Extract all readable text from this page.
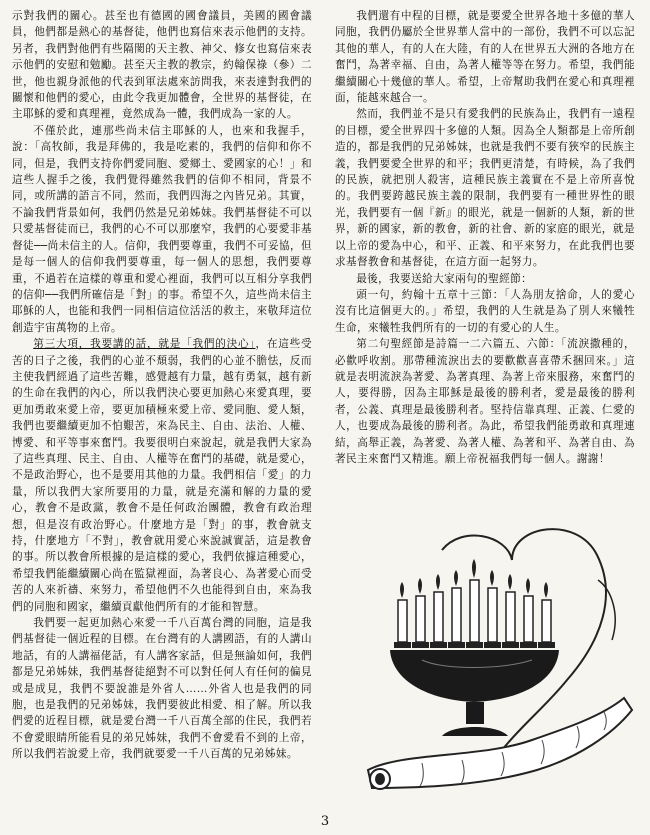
示對我們的關心。甚至也有德國的國會議員，美國的國會議員，他們都是熱心的基督徒，他們也寫信來表示他們的支持。另者，我們對他們有些隔閡的天主教、神父、修女也寫信來表示他們的安慰和勉勵。甚至天主教的教宗，約翰保祿（參）二世，他也親身派他的代表到軍法處來訪問我，來表達對我們的關懷和他們的愛心，由此令我更加體會，全世界的基督徒，在主耶穌的愛和真理裡，竟然成為一體，我們成為一家的人。

不僅於此，連那些尚未信主耶穌的人，也來和我握手，說：「高牧師，我是拜佛的，我是吃素的，我們的信仰和你不同，但是，我們支持你們愛同胞、愛鄉土、愛國家的心！」和這些人握手之後，我們覺得雖然我們的信仰不相同，背景不同，或所講的語言不同，然而，我們四海之內皆兄弟。其實，不論我們背景如何，我們仍然是兄弟姊妹。我們基督徒不可以只愛基督徒而已，我們的心不可以那麼窄，我們的心要愛非基督徒──尚未信主的人。信仰，我們要尊重，我們不可妥協，但是每一個人的信仰我們要尊重，每一個人的思想，我們要尊重，不過若在這樣的尊重和愛心裡面，我們可以互相分享我們的信仰──我們所確信是「對」的事。希望不久，這些尚未信主耶穌的人，也能和我們一同相信這位活活的救主，來敬拜這位創造宇宙萬物的上帝。

第三大項，我要講的話，就是「我們的決心」，在這些受苦的日子之後，我們的心並不頹弱，我們的心並不膽怯，反而主使我們經過了這些苦難，感覺越有力量，越有勇氣，越有新的生命在我們的內心，所以我們決心要更加熱心來愛真理，要更加勇敢來愛上帝，要更加積極來愛上帝、愛同胞、愛人類，我們也要繼續更加不怕艱苦，來為民主、自由、法治、人權、博愛、和平等事來奮鬥。我要很明白來說起，就是我們大家為了這些真理、民主、自由、人權等在奮鬥的基礎，就是愛心，不是政治野心，也不是要用其他的力量。我們相信「愛」的力量，所以我們大家所要用的力量，就是充滿和解的力量的愛心，教會不是政黨，教會不是任何政治團體，教會有政治理想，但是沒有政治野心。什麼地方是「對」的事，教會就支持，什麼地方「不對」，教會就用愛心來說誠實話，這是教會的事。所以教會所根據的是這樣的愛心，我們依據這種愛心，希望我們能繼續關心尚在監獄裡面，為著良心、為著愛心而受苦的人來祈禱、來努力，希望他們不久也能得到自由，來為我們的同胞和國家，繼續貢獻他們所有的才能和智慧。

我們要一起更加熱心來愛一千八百萬台灣的同胞，這是我們基督徒一個近程的目標。在台灣有的人講國語，有的人講山地話，有的人講福佬話，有人講客家話，但是無論如何，我們都是兄弟姊妹，我們基督徒絕對不可以對任何人有任何的偏見或是成見，我們不要說誰是外省人……外省人也是我們的同胞，也是我們的兄弟姊妹，我們要彼此相愛、相了解。所以我們愛的近程目標，就是愛台灣一千八百萬全部的住民，我們若不會愛眼睛所能看見的弟兄姊妹，我們不會愛看不到的上帝，所以我們若說愛上帝，我們就要愛一千八百萬的兄弟姊妹。

我們還有中程的目標，就是要愛全世界各地十多億的華人同胞，我們仍屬於全世界華人當中的一部份，我們不可以忘記其他的華人，有的人在大陸，有的人在世界五大洲的各地方在奮鬥，為著幸福、自由，為著人權等等在努力。希望，我們能繼續關心十幾億的華人。希望，上帝幫助我們在愛心和真理裡面，能越來越合一。

然而，我們並不是只有愛我們的民族為止，我們有一遠程的目標，愛全世界四十多億的人類。因為全人類都是上帝所創造的，都是我們的兄弟姊妹，也就是我們不要有狹窄的民族主義，我們要愛全世界的和平；我們更清楚，有時候，為了我們的民族，就把別人殺害，這種民族主義實在不是上帝所喜悅的。我們要跨越民族主義的限制，我們要有一種世界性的眼光，我們要有一個『新』的眼光，就是一個新的人類，新的世界，新的國家，新的教會，新的社會、新的家庭的眼光，就是以上帝的愛為中心，和平、正義、和平來努力，在此我們也要求基督教會和基督徒，在這方面一起努力。

最後，我要送給大家兩句的聖經節：

頭一句，約翰十五章十三節：「人為朋友捨命，人的愛心沒有比這個更大的。」希望，我們的人生就是為了別人來犧牲生命，來犧牲我們所有的一切的有愛心的人生。

第二句聖經節是詩篇一二六篇五、六節：「流淚撒種的，必歡呼收割。那帶種流淚出去的要歡歡喜喜帶禾捆回來。」這就是表明流淚為著愛、為著真理、為著上帝來服務，來奮鬥的人，要得勝，因為主耶穌是最後的勝利者，愛是最後的勝利者，公義、真理是最後勝利者。堅持信靠真理、正義、仁愛的人，也要成為最後的勝利者。為此，希望我們能勇敢和真理連結，高舉正義，為著愛、為著人權、為著和平、為著自由、為著民主來奮鬥又精進。願上帝祝福我們每一個人。謝謝！

3
